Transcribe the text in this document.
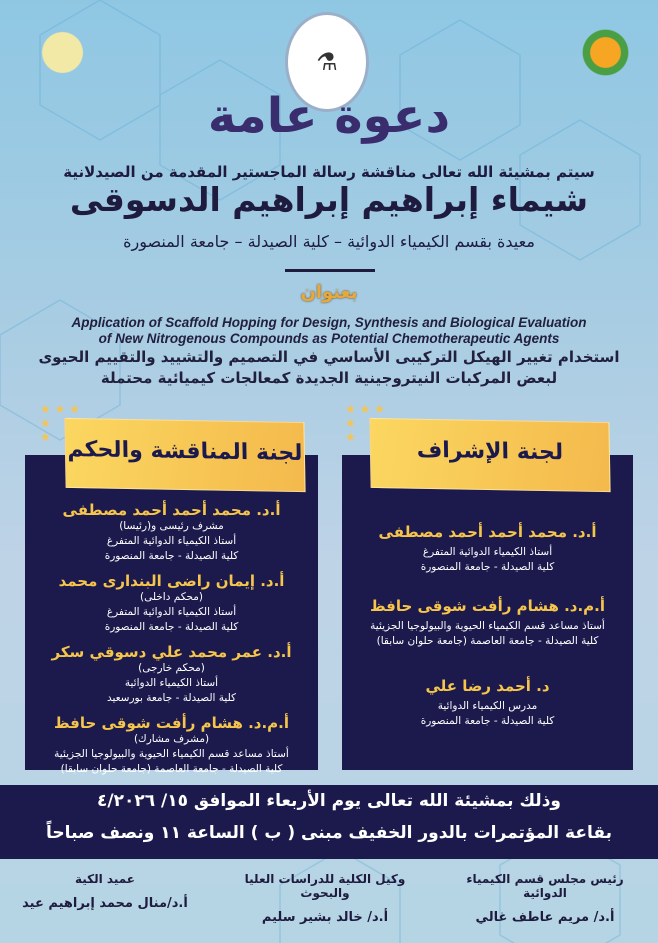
⚗
دعوة عامة
سيتم بمشيئة الله تعالى مناقشة رسالة الماجستير المقدمة من الصيدلانية
شيماء إبراهيم إبراهيم الدسوقى
معيدة بقسم الكيمياء الدوائية – كلية الصيدلة – جامعة المنصورة
بعنوان
Application of Scaffold Hopping for Design, Synthesis and Biological Evaluation
of New Nitrogenous Compounds as Potential Chemotherapeutic Agents
استخدام تغيير الهيكل التركيبى الأساسي في التصميم والتشييد والتقييم الحيوى
لبعض المركبات النيتروجينية الجديدة كمعالجات كيميائية محتملة
أ.د. محمد أحمد أحمد مصطفى
مشرف رئيسى و(رئيسا)
أستاذ الكيمياء الدوائية المتفرغ
كلية الصيدلة - جامعة المنصورة
أ.د. إيمان راضى البندارى محمد
(محكم داخلى)
أستاذ الكيمياء الدوائية المتفرغ
كلية الصيدلة - جامعة المنصورة
أ.د. عمر محمد علي دسوقي سكر
(محكم خارجى)
أستاذ الكيمياء الدوائية
كلية الصيدلة - جامعة بورسعيد
أ.م.د. هشام رأفت شوقى حافظ
(مشرف مشارك)
أستاذ مساعد قسم الكيمياء الحيوية والبيولوجيا الجزيئية
كلية الصيدلة - جامعة العاصمة (جامعة حلوان سابقا)
لجنة المناقشة والحكم
★ ★ ★
★
★
أ.د. محمد أحمد أحمد مصطفى
أستاذ الكيمياء الدوائية المتفرغ
كلية الصيدلة - جامعة المنصورة
أ.م.د. هشام رأفت شوقى حافظ
أستاذ مساعد قسم الكيمياء الحيوية والبيولوجيا الجزيئية
كلية الصيدلة - جامعة العاصمة (جامعة حلوان سابقا)
د. أحمد رضا علي
مدرس الكيمياء الدوائية
كلية الصيدلة - جامعة المنصورة
لجنة الإشراف
★ ★ ★
★
★
وذلك بمشيئة الله تعالى يوم الأربعاء الموافق ١٥/ ٤/٢٠٢٦
بقاعة المؤتمرات بالدور الخفيف مبنى ( ب ) الساعة ١١ ونصف صباحاً
رئيس مجلس قسم الكيمياء الدوائية
أ.د/ مريم عاطف غالي
وكيل الكلية للدراسات العليا والبحوث
أ.د/ خالد بشير سليم
عميد الكية
أ.د/منال محمد إبراهيم عيد
